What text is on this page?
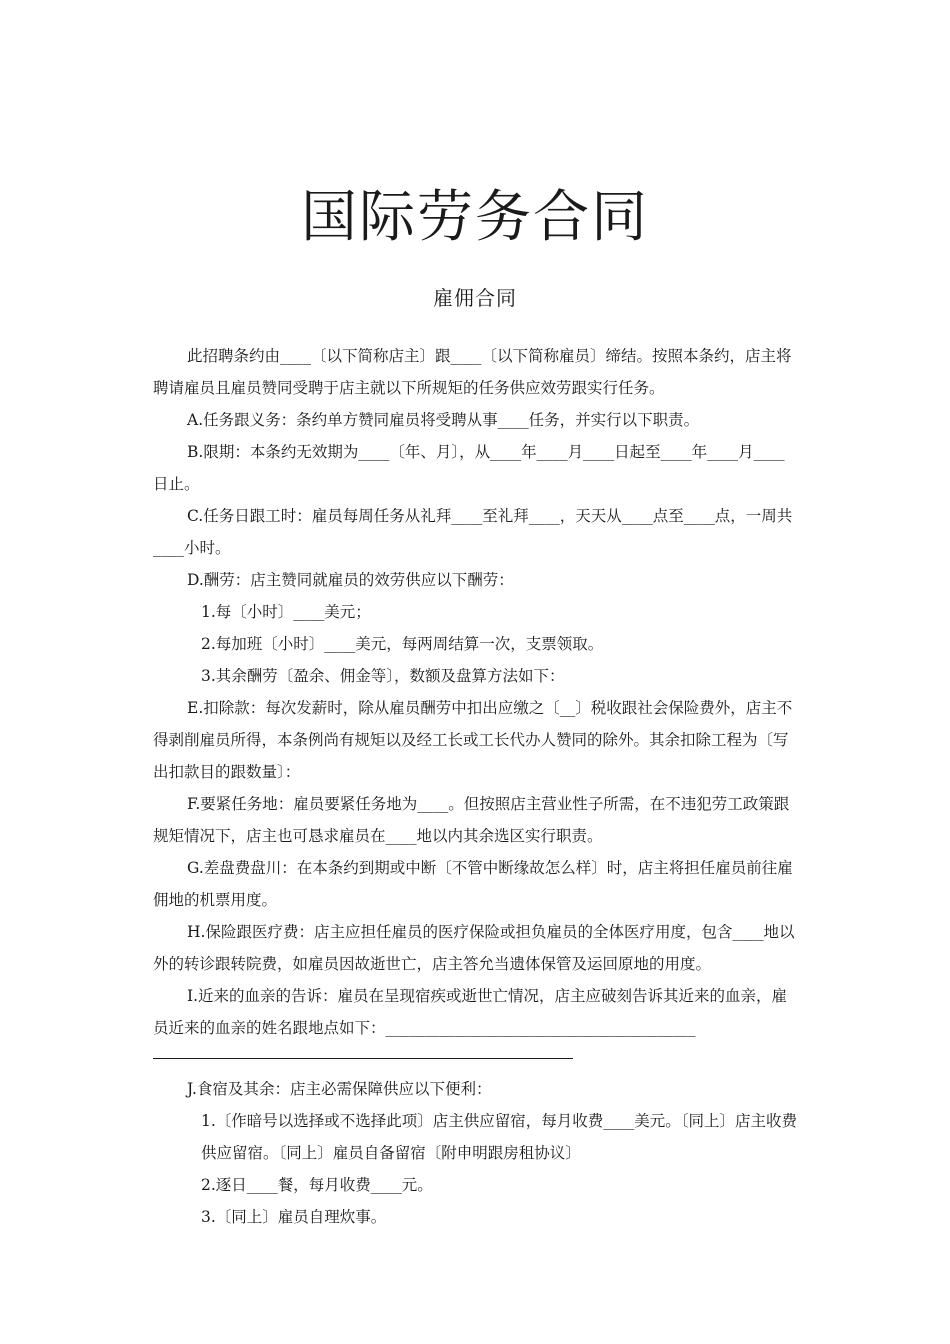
国际劳务合同
雇佣合同

此招聘条约由____〔以下简称店主〕跟____〔以下简称雇员〕缔结。按照本条约，店主将聘请雇员且雇员赞同受聘于店主就以下所规矩的任务供应效劳跟实行任务。

A.任务跟义务：条约单方赞同雇员将受聘从事____任务，并实行以下职责。

B.限期：本条约无效期为____〔年、月〕，从____年____月____日起至____年____月____日止。

C.任务日跟工时：雇员每周任务从礼拜____至礼拜____，天天从____点至____点，一周共____小时。

D.酬劳：店主赞同就雇员的效劳供应以下酬劳：

1.每〔小时〕____美元；

2.每加班〔小时〕____美元，每两周结算一次，支票领取。

3.其余酬劳〔盈余、佣金等〕，数额及盘算方法如下：

E.扣除款：每次发薪时，除从雇员酬劳中扣出应缴之〔__〕税收跟社会保险费外，店主不得剥削雇员所得，本条例尚有规矩以及经工长或工长代办人赞同的除外。其余扣除工程为〔写出扣款目的跟数量〕：

F.要紧任务地：雇员要紧任务地为____。但按照店主营业性子所需，在不违犯劳工政策跟规矩情况下，店主也可恳求雇员在____地以内其余选区实行职责。

G.差盘费盘川：在本条约到期或中断〔不管中断缘故怎么样〕时，店主将担任雇员前往雇佣地的机票用度。

H.保险跟医疗费：店主应担任雇员的医疗保险或担负雇员的全体医疗用度，包含____地以外的转诊跟转院费，如雇员因故逝世亡，店主答允当遗体保管及运回原地的用度。

I.近来的血亲的告诉：雇员在呈现宿疾或逝世亡情况，店主应破刻告诉其近来的血亲，雇员近来的血亲的姓名跟地点如下：________________________________________

J.食宿及其余：店主必需保障供应以下便利：

1.〔作暗号以选择或不选择此项〕店主供应留宿，每月收费____美元。〔同上〕店主收费供应留宿。〔同上〕雇员自备留宿〔附申明跟房租协议〕

2.逐日____餐，每月收费____元。

3.〔同上〕雇员自理炊事。
